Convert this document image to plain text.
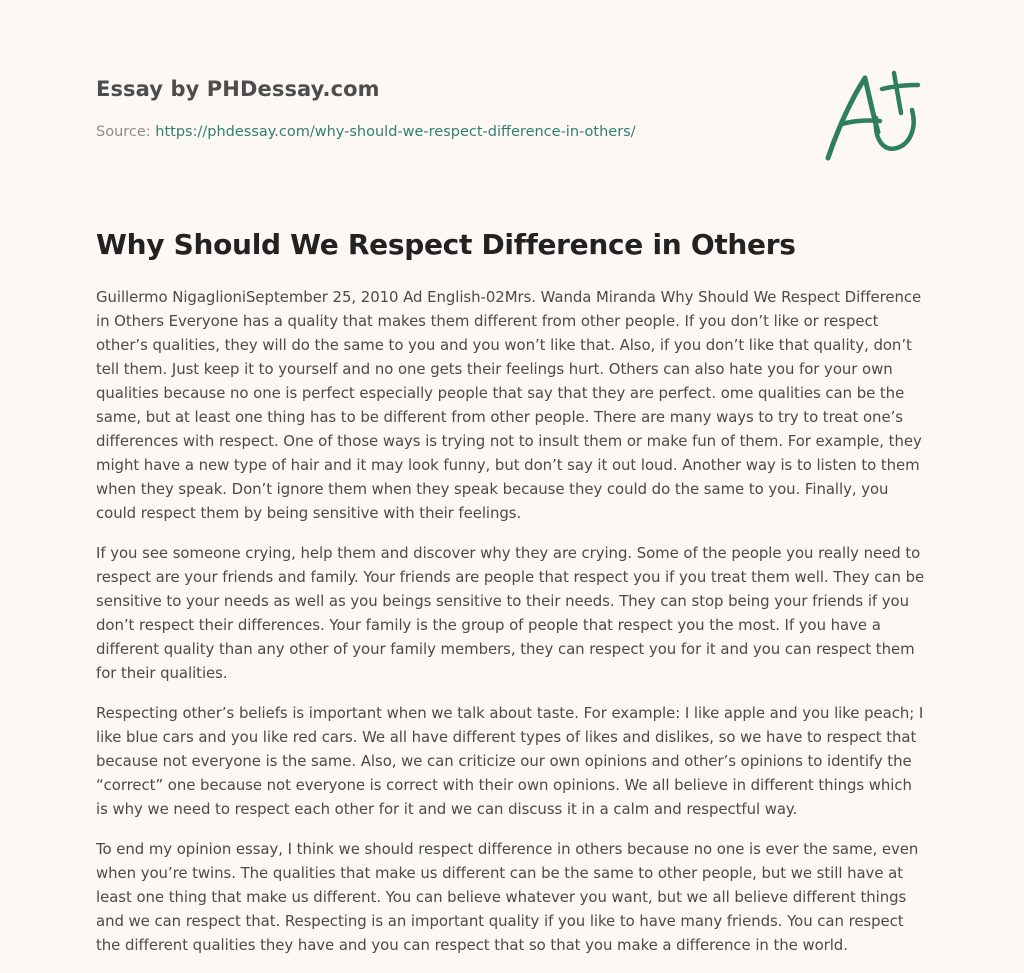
Essay by PHDessay.com
Source: https://phdessay.com/why-should-we-respect-difference-in-others/
Why Should We Respect Difference in Others

Guillermo NigaglioniSeptember 25, 2010 Ad English-02Mrs. Wanda Miranda Why Should We Respect Difference in Others Everyone has a quality that makes them different from other people. If you don’t like or respect other’s qualities, they will do the same to you and you won’t like that. Also, if you don’t like that quality, don’t tell them. Just keep it to yourself and no one gets their feelings hurt. Others can also hate you for your own qualities because no one is perfect especially people that say that they are perfect. ome qualities can be the same, but at least one thing has to be different from other people. There are many ways to try to treat one’s differences with respect. One of those ways is trying not to insult them or make fun of them. For example, they might have a new type of hair and it may look funny, but don’t say it out loud. Another way is to listen to them when they speak. Don’t ignore them when they speak because they could do the same to you. Finally, you could respect them by being sensitive with their feelings.

If you see someone crying, help them and discover why they are crying. Some of the people you really need to respect are your friends and family. Your friends are people that respect you if you treat them well. They can be sensitive to your needs as well as you beings sensitive to their needs. They can stop being your friends if you don’t respect their differences. Your family is the group of people that respect you the most. If you have a different quality than any other of your family members, they can respect you for it and you can respect them for their qualities.

Respecting other’s beliefs is important when we talk about taste. For example: I like apple and you like peach; I like blue cars and you like red cars. We all have different types of likes and dislikes, so we have to respect that because not everyone is the same. Also, we can criticize our own opinions and other’s opinions to identify the “correct” one because not everyone is correct with their own opinions. We all believe in different things which is why we need to respect each other for it and we can discuss it in a calm and respectful way.

To end my opinion essay, I think we should respect difference in others because no one is ever the same, even when you’re twins. The qualities that make us different can be the same to other people, but we still have at least one thing that make us different. You can believe whatever you want, but we all believe different things and we can respect that. Respecting is an important quality if you like to have many friends. You can respect the different qualities they have and you can respect that so that you make a difference in the world.
